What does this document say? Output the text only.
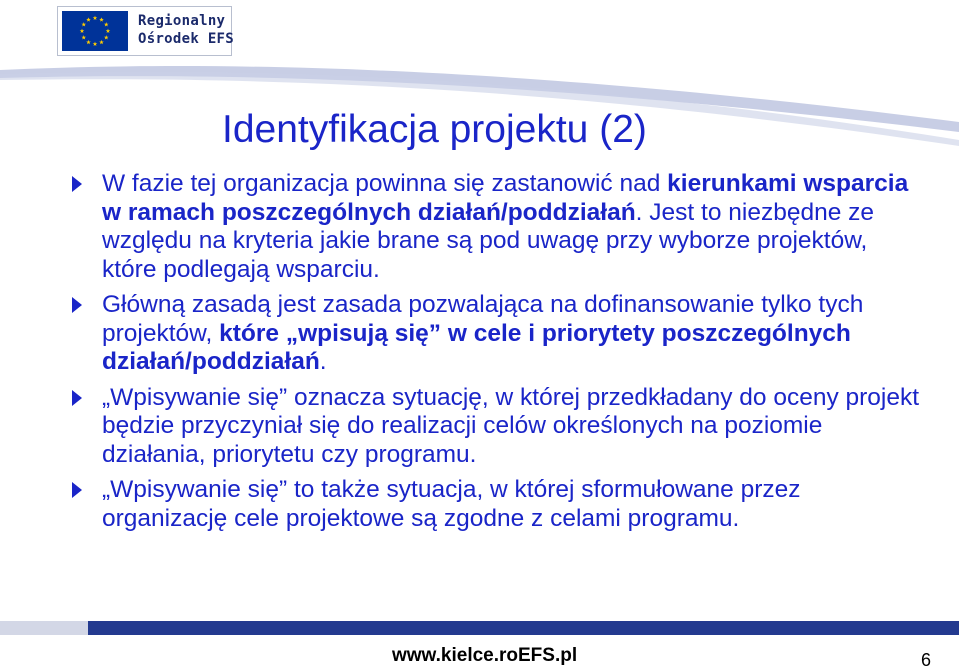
Regionalny
Ośrodek EFS
Identyfikacja projektu (2)
W fazie tej organizacja powinna się zastanowić nad kierunkami wsparcia w ramach poszczególnych działań/poddziałań. Jest to niezbędne ze względu na kryteria jakie brane są pod uwagę przy wyborze projektów, które podlegają wsparciu.
Główną zasadą jest zasada pozwalająca na dofinansowanie tylko tych projektów, które „wpisują się” w cele i priorytety poszczególnych działań/poddziałań.
„Wpisywanie się” oznacza sytuację, w której przedkładany do oceny projekt będzie przyczyniał się do realizacji celów określonych na poziomie działania, priorytetu czy programu.
„Wpisywanie się” to także sytuacja, w której sformułowane przez organizację cele projektowe są zgodne z celami programu.
www.kielce.roEFS.pl	6
